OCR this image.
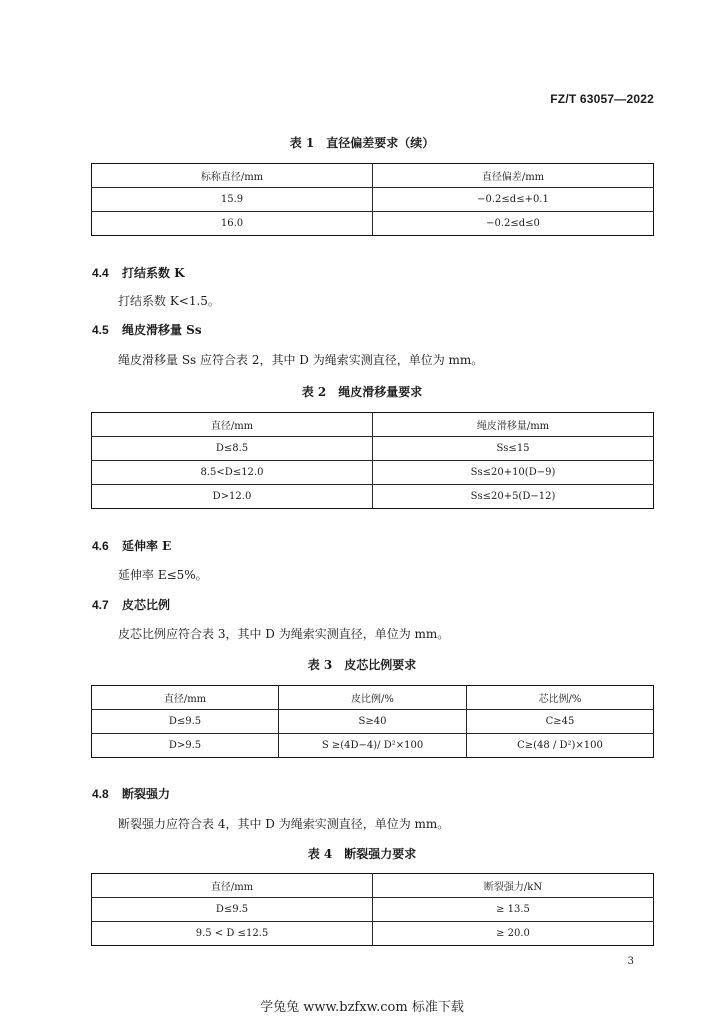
FZ/T 63057—2022
表 1　直径偏差要求（续）
标称直径/mm	直径偏差/mm
15.9	−0.2≤d≤+0.1
16.0	−0.2≤d≤0
4.4 打结系数 K
打结系数 K<1.5。
4.5 绳皮滑移量 Ss
绳皮滑移量 Ss 应符合表 2，其中 D 为绳索实测直径，单位为 mm。
表 2　绳皮滑移量要求
直径/mm	绳皮滑移量/mm
D≤8.5	Ss≤15
8.5<D≤12.0	Ss≤20+10(D−9)
D>12.0	Ss≤20+5(D−12)
4.6 延伸率 E
延伸率 E≤5%。
4.7 皮芯比例
皮芯比例应符合表 3，其中 D 为绳索实测直径，单位为 mm。
表 3　皮芯比例要求
直径/mm	皮比例/%	芯比例/%
D≤9.5	S≥40	C≥45
D>9.5	S ≥(4D−4)/ D²×100	C≥(48 / D²)×100
4.8 断裂强力
断裂强力应符合表 4，其中 D 为绳索实测直径，单位为 mm。
表 4　断裂强力要求
直径/mm	断裂强力/kN
D≤9.5	≥ 13.5
9.5 < D ≤12.5	≥ 20.0
3
学兔兔 www.bzfxw.com 标准下载
